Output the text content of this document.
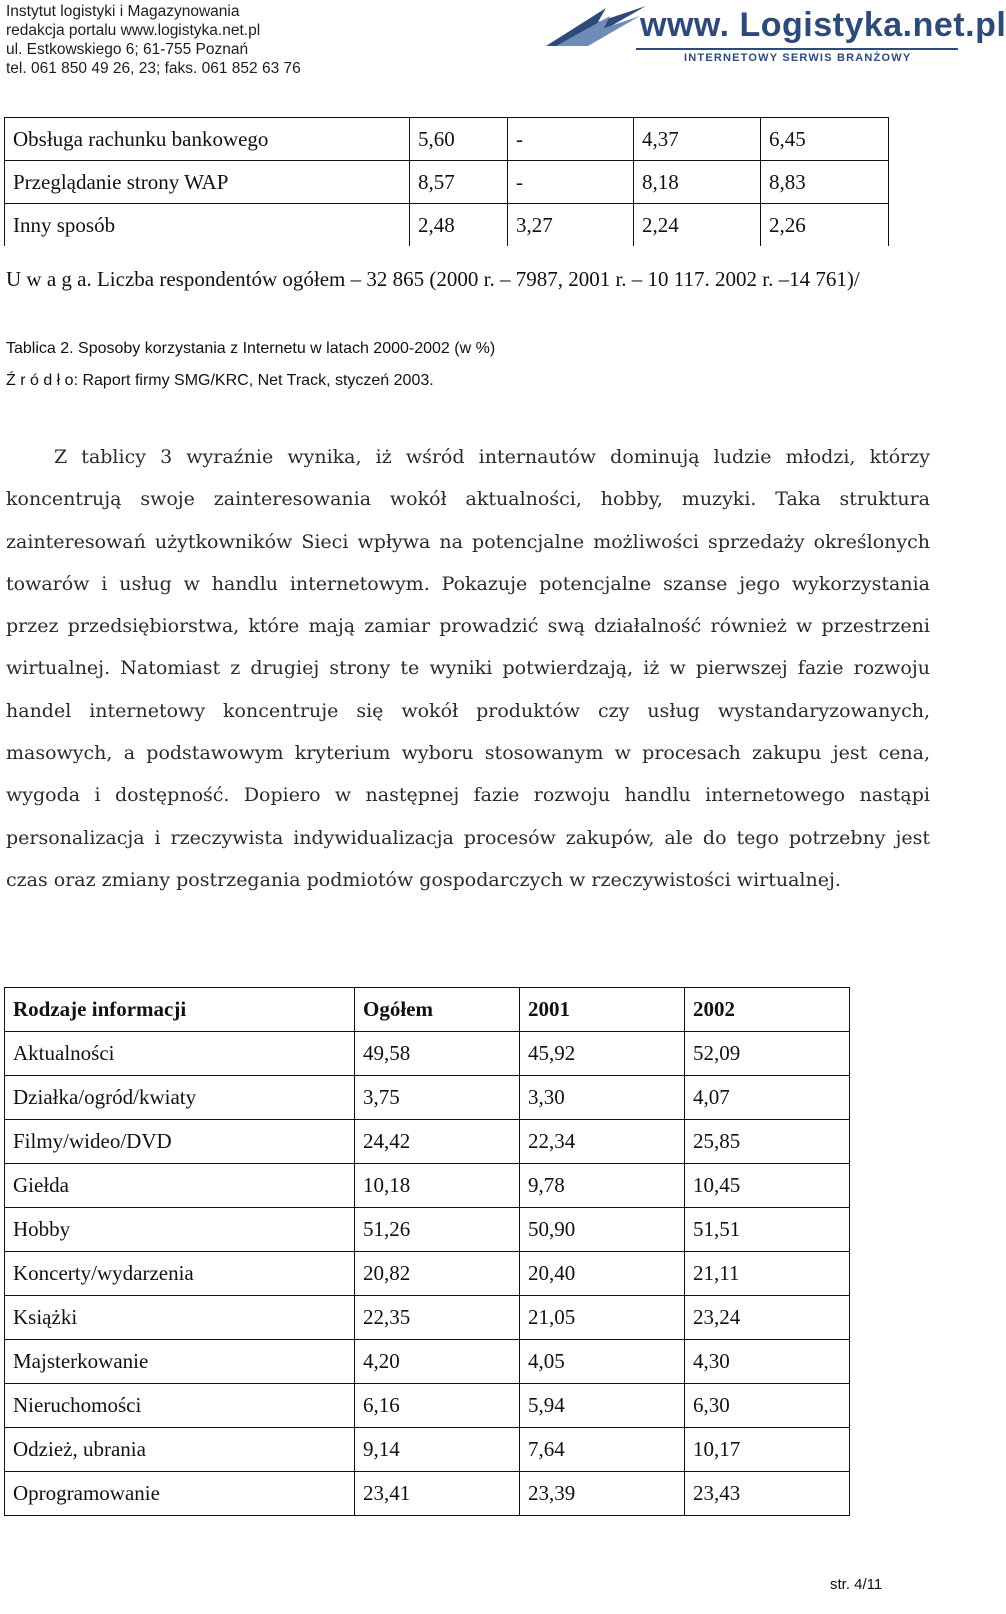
Instytut logistyki i Magazynowania
redakcja portalu www.logistyka.net.pl
ul. Estkowskiego 6; 61-755 Poznań
tel. 061 850 49 26, 23; faks. 061 852 63 76
www. Logistyka.net.pl
INTERNETOWY SERWIS BRANŻOWY
Obsługa rachunku bankowego	5,60	-	4,37	6,45
Przeglądanie strony WAP	8,57	-	8,18	8,83
Inny sposób	2,48	3,27	2,24	2,26
U w a g a. Liczba respondentów ogółem – 32 865 (2000 r. – 7987, 2001 r. – 10 117. 2002 r. –14 761)/
Tablica 2. Sposoby korzystania z Internetu w latach 2000-2002 (w %)
Ź r ó d ł o: Raport firmy SMG/KRC, Net Track, styczeń 2003.
Z tablicy 3 wyraźnie wynika, iż wśród internautów dominują ludzie młodzi, którzy koncentrują swoje zainteresowania wokół aktualności, hobby, muzyki. Taka struktura zainteresowań użytkowników Sieci wpływa na potencjalne możliwości sprzedaży określonych towarów i usług w handlu internetowym. Pokazuje potencjalne szanse jego wykorzystania przez przedsiębiorstwa, które mają zamiar prowadzić swą działalność również w przestrzeni wirtualnej. Natomiast z drugiej strony te wyniki potwierdzają, iż w pierwszej fazie rozwoju handel internetowy koncentruje się wokół produktów czy usług wystandaryzowanych, masowych, a podstawowym kryterium wyboru stosowanym w procesach zakupu jest cena, wygoda i dostępność. Dopiero w następnej fazie rozwoju handlu internetowego nastąpi personalizacja i rzeczywista indywidualizacja procesów zakupów, ale do tego potrzebny jest czas oraz zmiany postrzegania podmiotów gospodarczych w rzeczywistości wirtualnej.
Rodzaje informacji	Ogółem	2001	2002
Aktualności	49,58	45,92	52,09
Działka/ogród/kwiaty	3,75	3,30	4,07
Filmy/wideo/DVD	24,42	22,34	25,85
Giełda	10,18	9,78	10,45
Hobby	51,26	50,90	51,51
Koncerty/wydarzenia	20,82	20,40	21,11
Książki	22,35	21,05	23,24
Majsterkowanie	4,20	4,05	4,30
Nieruchomości	6,16	5,94	6,30
Odzież, ubrania	9,14	7,64	10,17
Oprogramowanie	23,41	23,39	23,43
str. 4/11
